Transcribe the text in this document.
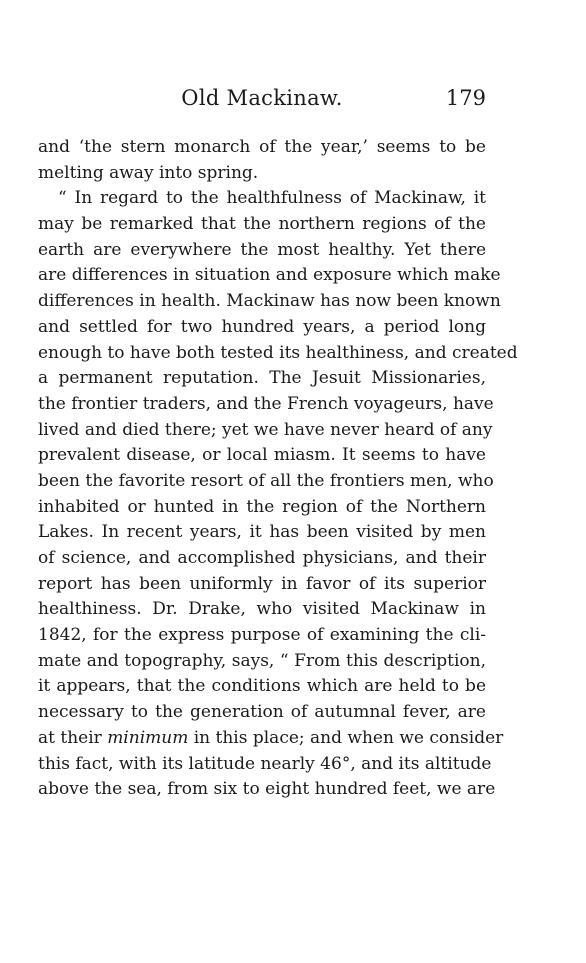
Old Mackinaw.	179
and ‘the stern monarch of the year,’ seems to be
melting away into spring.
“ In regard to the healthfulness of Mackinaw, it
may be remarked that the northern regions of the
earth are everywhere the most healthy. Yet there
are differences in situation and exposure which make
differences in health. Mackinaw has now been known
and settled for two hundred years, a period long
enough to have both tested its healthiness, and created
a permanent reputation. The Jesuit Missionaries,
the frontier traders, and the French voyageurs, have
lived and died there; yet we have never heard of any
prevalent disease, or local miasm. It seems to have
been the favorite resort of all the frontiers men, who
inhabited or hunted in the region of the Northern
Lakes. In recent years, it has been visited by men
of science, and accomplished physicians, and their
report has been uniformly in favor of its superior
healthiness. Dr. Drake, who visited Mackinaw in
1842, for the express purpose of examining the cli-
mate and topography, says, “ From this description,
it appears, that the conditions which are held to be
necessary to the generation of autumnal fever, are
at their minimum in this place; and when we consider
this fact, with its latitude nearly 46°, and its altitude
above the sea, from six to eight hundred feet, we are
